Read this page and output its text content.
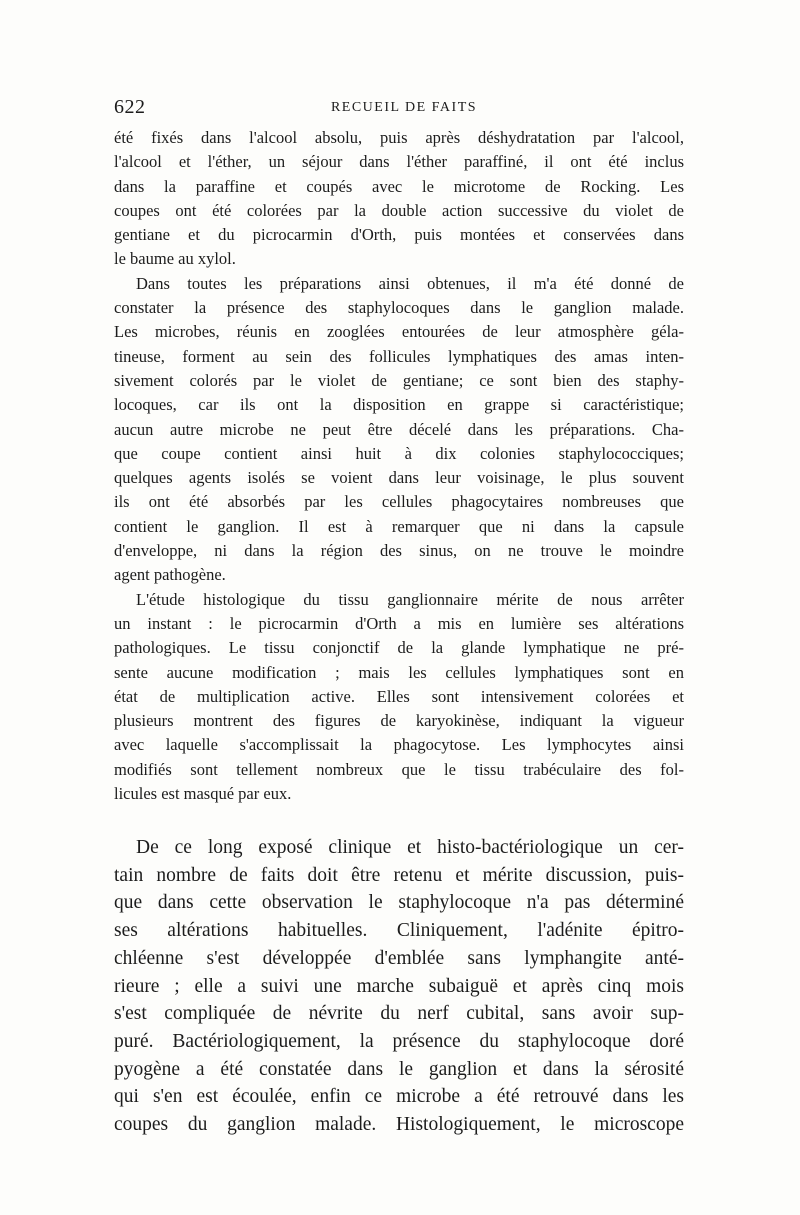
622	RECUEIL DE FAITS
été fixés dans l'alcool absolu, puis après déshydratation par l'alcool,
l'alcool et l'éther, un séjour dans l'éther paraffiné, il ont été inclus
dans la paraffine et coupés avec le microtome de Rocking. Les
coupes ont été colorées par la double action successive du violet de
gentiane et du picrocarmin d'Orth, puis montées et conservées dans
le baume au xylol.
Dans toutes les préparations ainsi obtenues, il m'a été donné de
constater la présence des staphylocoques dans le ganglion malade.
Les microbes, réunis en zooglées entourées de leur atmosphère géla-
tineuse, forment au sein des follicules lymphatiques des amas inten-
sivement colorés par le violet de gentiane; ce sont bien des staphy-
locoques, car ils ont la disposition en grappe si caractéristique;
aucun autre microbe ne peut être décelé dans les préparations. Cha-
que coupe contient ainsi huit à dix colonies staphylococciques;
quelques agents isolés se voient dans leur voisinage, le plus souvent
ils ont été absorbés par les cellules phagocytaires nombreuses que
contient le ganglion. Il est à remarquer que ni dans la capsule
d'enveloppe, ni dans la région des sinus, on ne trouve le moindre
agent pathogène.
L'étude histologique du tissu ganglionnaire mérite de nous arrêter
un instant : le picrocarmin d'Orth a mis en lumière ses altérations
pathologiques. Le tissu conjonctif de la glande lymphatique ne pré-
sente aucune modification ; mais les cellules lymphatiques sont en
état de multiplication active. Elles sont intensivement colorées et
plusieurs montrent des figures de karyokinèse, indiquant la vigueur
avec laquelle s'accomplissait la phagocytose. Les lymphocytes ainsi
modifiés sont tellement nombreux que le tissu trabéculaire des fol-
licules est masqué par eux.
De ce long exposé clinique et histo-bactériologique un cer-
tain nombre de faits doit être retenu et mérite discussion, puis-
que dans cette observation le staphylocoque n'a pas déterminé
ses altérations habituelles. Cliniquement, l'adénite épitro-
chléenne s'est développée d'emblée sans lymphangite anté-
rieure ; elle a suivi une marche subaiguë et après cinq mois
s'est compliquée de névrite du nerf cubital, sans avoir sup-
puré. Bactériologiquement, la présence du staphylocoque doré
pyogène a été constatée dans le ganglion et dans la sérosité
qui s'en est écoulée, enfin ce microbe a été retrouvé dans les
coupes du ganglion malade. Histologiquement, le microscope
